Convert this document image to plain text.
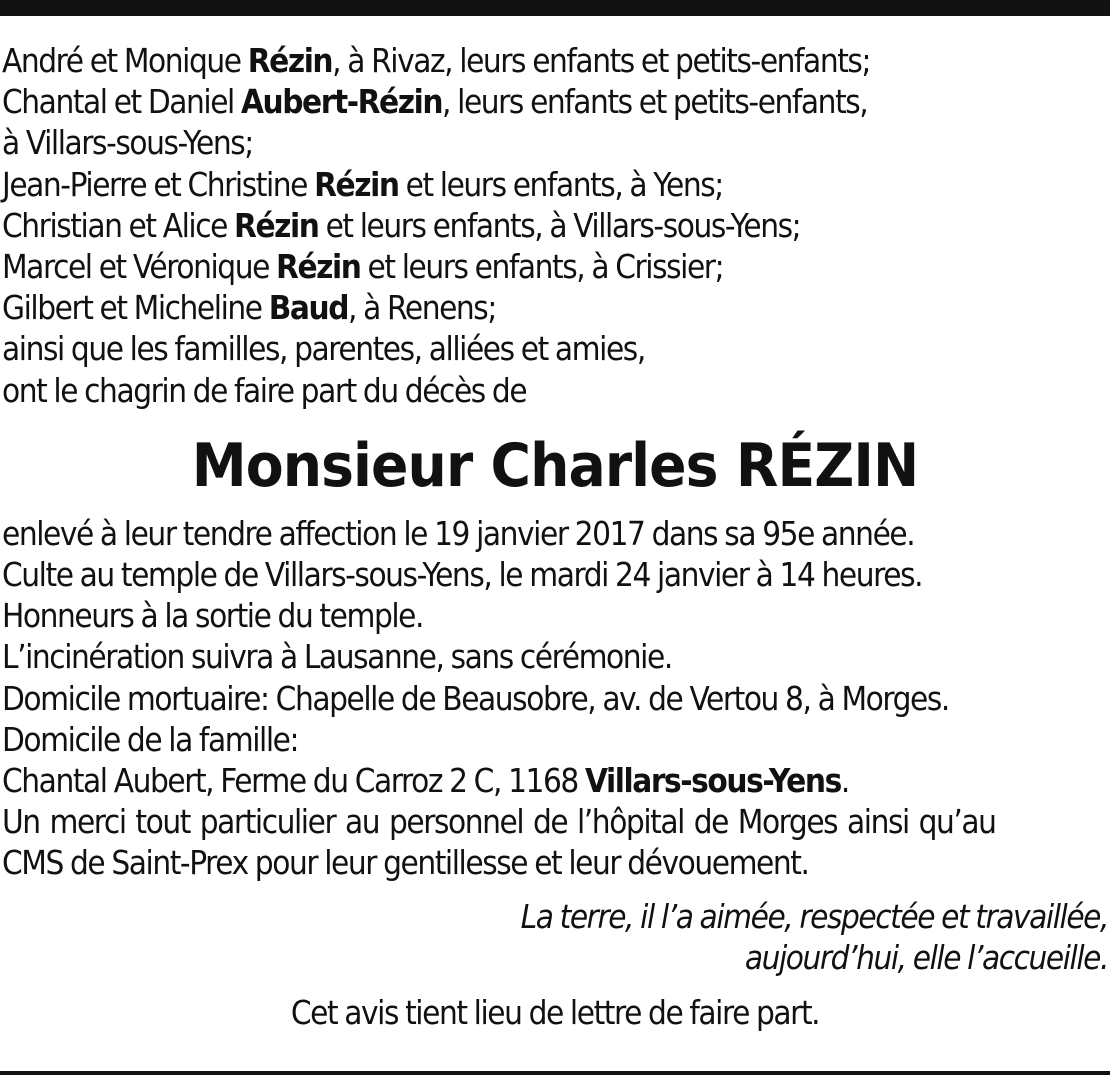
André et Monique Rézin, à Rivaz, leurs enfants et petits-enfants;
Chantal et Daniel Aubert-Rézin, leurs enfants et petits-enfants,
à Villars-sous-Yens;
Jean-Pierre et Christine Rézin et leurs enfants, à Yens;
Christian et Alice Rézin et leurs enfants, à Villars-sous-Yens;
Marcel et Véronique Rézin et leurs enfants, à Crissier;
Gilbert et Micheline Baud, à Renens;
ainsi que les familles, parentes, alliées et amies,
ont le chagrin de faire part du décès de
Monsieur Charles RÉZIN
enlevé à leur tendre affection le 19 janvier 2017 dans sa 95e année.
Culte au temple de Villars-sous-Yens, le mardi 24 janvier à 14 heures.
Honneurs à la sortie du temple.
L’incinération suivra à Lausanne, sans cérémonie.
Domicile mortuaire: Chapelle de Beausobre, av. de Vertou 8, à Morges.
Domicile de la famille:
Chantal Aubert, Ferme du Carroz 2 C, 1168 Villars-sous-Yens.
Un merci tout particulier au personnel de l’hôpital de Morges ainsi qu’au
CMS de Saint-Prex pour leur gentillesse et leur dévouement.
La terre, il l’a aimée, respectée et travaillée,
aujourd’hui, elle l’accueille.
Cet avis tient lieu de lettre de faire part.
